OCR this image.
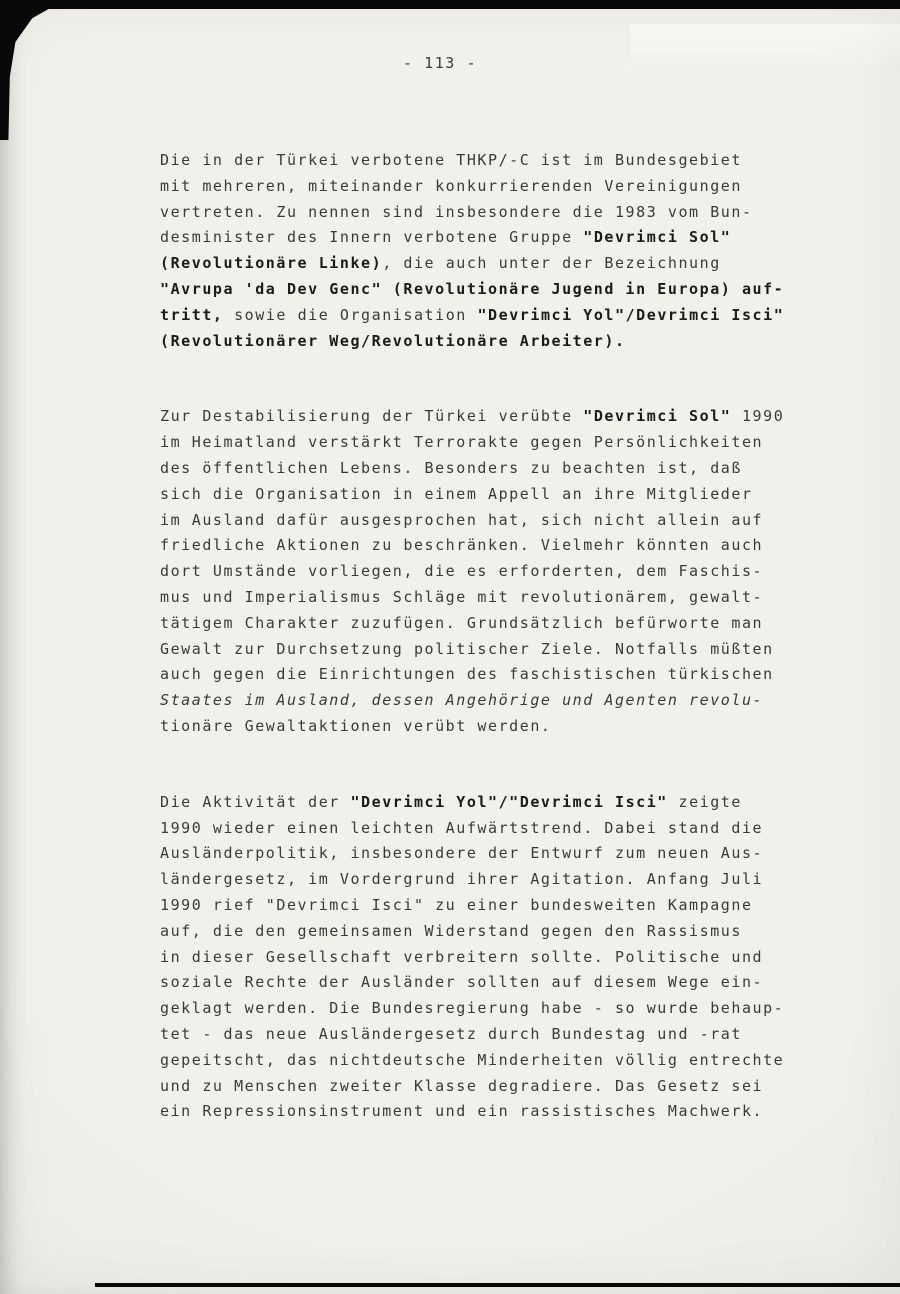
- 113 -
Die in der Türkei verbotene THKP/-C ist im Bundesgebiet
mit mehreren, miteinander konkurrierenden Vereinigungen
vertreten. Zu nennen sind insbesondere die 1983 vom Bun-
desminister des Innern verbotene Gruppe "Devrimci Sol"
(Revolutionäre Linke), die auch unter der Bezeichnung
"Avrupa 'da Dev Genc" (Revolutionäre Jugend in Europa) auf-
tritt, sowie die Organisation "Devrimci Yol"/Devrimci Isci"
(Revolutionärer Weg/Revolutionäre Arbeiter).
Zur Destabilisierung der Türkei verübte "Devrimci Sol" 1990
im Heimatland verstärkt Terrorakte gegen Persönlichkeiten
des öffentlichen Lebens. Besonders zu beachten ist, daß
sich die Organisation in einem Appell an ihre Mitglieder
im Ausland dafür ausgesprochen hat, sich nicht allein auf
friedliche Aktionen zu beschränken. Vielmehr könnten auch
dort Umstände vorliegen, die es erforderten, dem Faschis-
mus und Imperialismus Schläge mit revolutionärem, gewalt-
tätigem Charakter zuzufügen. Grundsätzlich befürworte man
Gewalt zur Durchsetzung politischer Ziele. Notfalls müßten
auch gegen die Einrichtungen des faschistischen türkischen
Staates im Ausland, dessen Angehörige und Agenten revolu-
tionäre Gewaltaktionen verübt werden.
Die Aktivität der "Devrimci Yol"/"Devrimci Isci" zeigte
1990 wieder einen leichten Aufwärtstrend. Dabei stand die
Ausländerpolitik, insbesondere der Entwurf zum neuen Aus-
ländergesetz, im Vordergrund ihrer Agitation. Anfang Juli
1990 rief "Devrimci Isci" zu einer bundesweiten Kampagne
auf, die den gemeinsamen Widerstand gegen den Rassismus
in dieser Gesellschaft verbreitern sollte. Politische und
soziale Rechte der Ausländer sollten auf diesem Wege ein-
geklagt werden. Die Bundesregierung habe - so wurde behaup-
tet - das neue Ausländergesetz durch Bundestag und -rat
gepeitscht, das nichtdeutsche Minderheiten völlig entrechte
und zu Menschen zweiter Klasse degradiere. Das Gesetz sei
ein Repressionsinstrument und ein rassistisches Machwerk.
